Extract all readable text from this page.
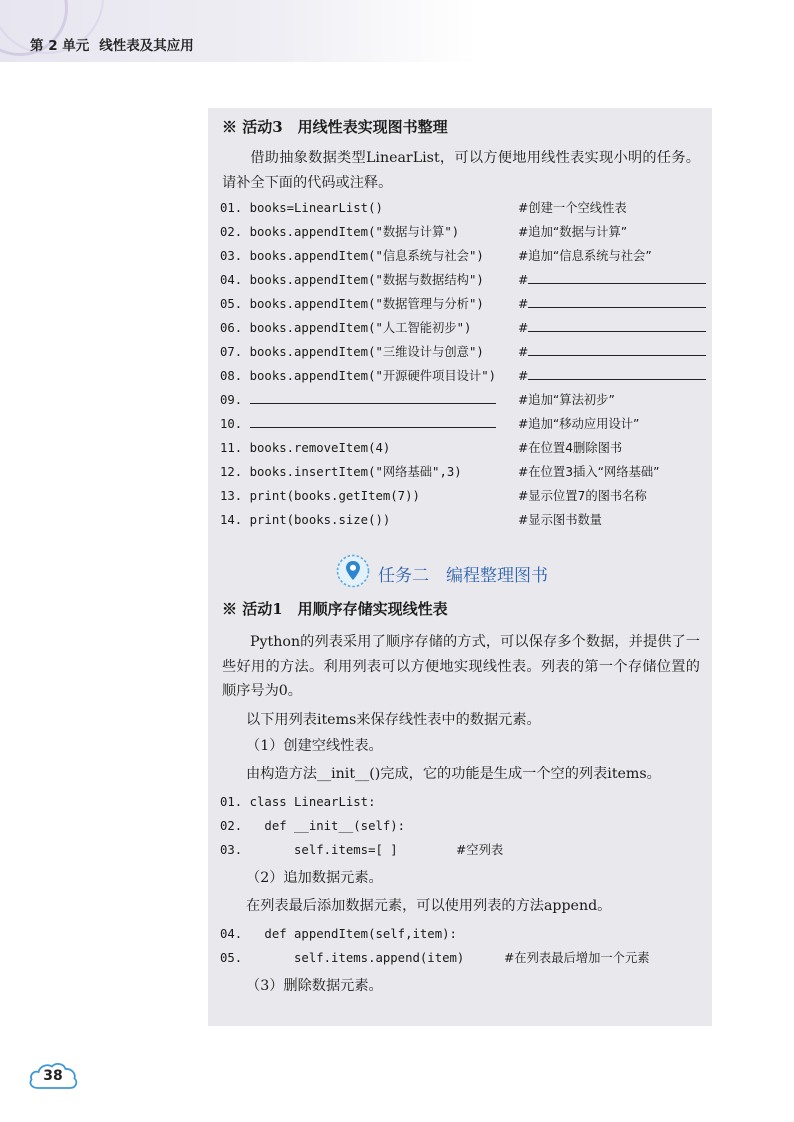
第 2 单元 线性表及其应用
※ 活动3　用线性表实现图书整理
借助抽象数据类型LinearList，可以方便地用线性表实现小明的任务。请补全下面的代码或注释。
01. books=LinearList()	#创建一个空线性表
02. books.appendItem("数据与计算")	#追加“数据与计算”
03. books.appendItem("信息系统与社会")	#追加“信息系统与社会”
04. books.appendItem("数据与数据结构")	#
05. books.appendItem("数据管理与分析")	#
06. books.appendItem("人工智能初步")	#
07. books.appendItem("三维设计与创意")	#
08. books.appendItem("开源硬件项目设计") #
09.	#追加“算法初步”
10.	#追加“移动应用设计”
11. books.removeItem(4)	#在位置4删除图书
12. books.insertItem("网络基础",3)	#在位置3插入“网络基础”
13. print(books.getItem(7))	#显示位置7的图书名称
14. print(books.size())	#显示图书数量
任务二　编程整理图书
※ 活动1　用顺序存储实现线性表
Python的列表采用了顺序存储的方式，可以保存多个数据，并提供了一些好用的方法。利用列表可以方便地实现线性表。列表的第一个存储位置的顺序号为0。
以下用列表items来保存线性表中的数据元素。
（1）创建空线性表。
由构造方法__init__()完成，它的功能是生成一个空的列表items。
01. class LinearList:
02.   def __init__(self):
03.       self.items=[ ]	#空列表
（2）追加数据元素。
在列表最后添加数据元素，可以使用列表的方法append。
04.   def appendItem(self,item):
05.       self.items.append(item)	#在列表最后增加一个元素
（3）删除数据元素。
38
